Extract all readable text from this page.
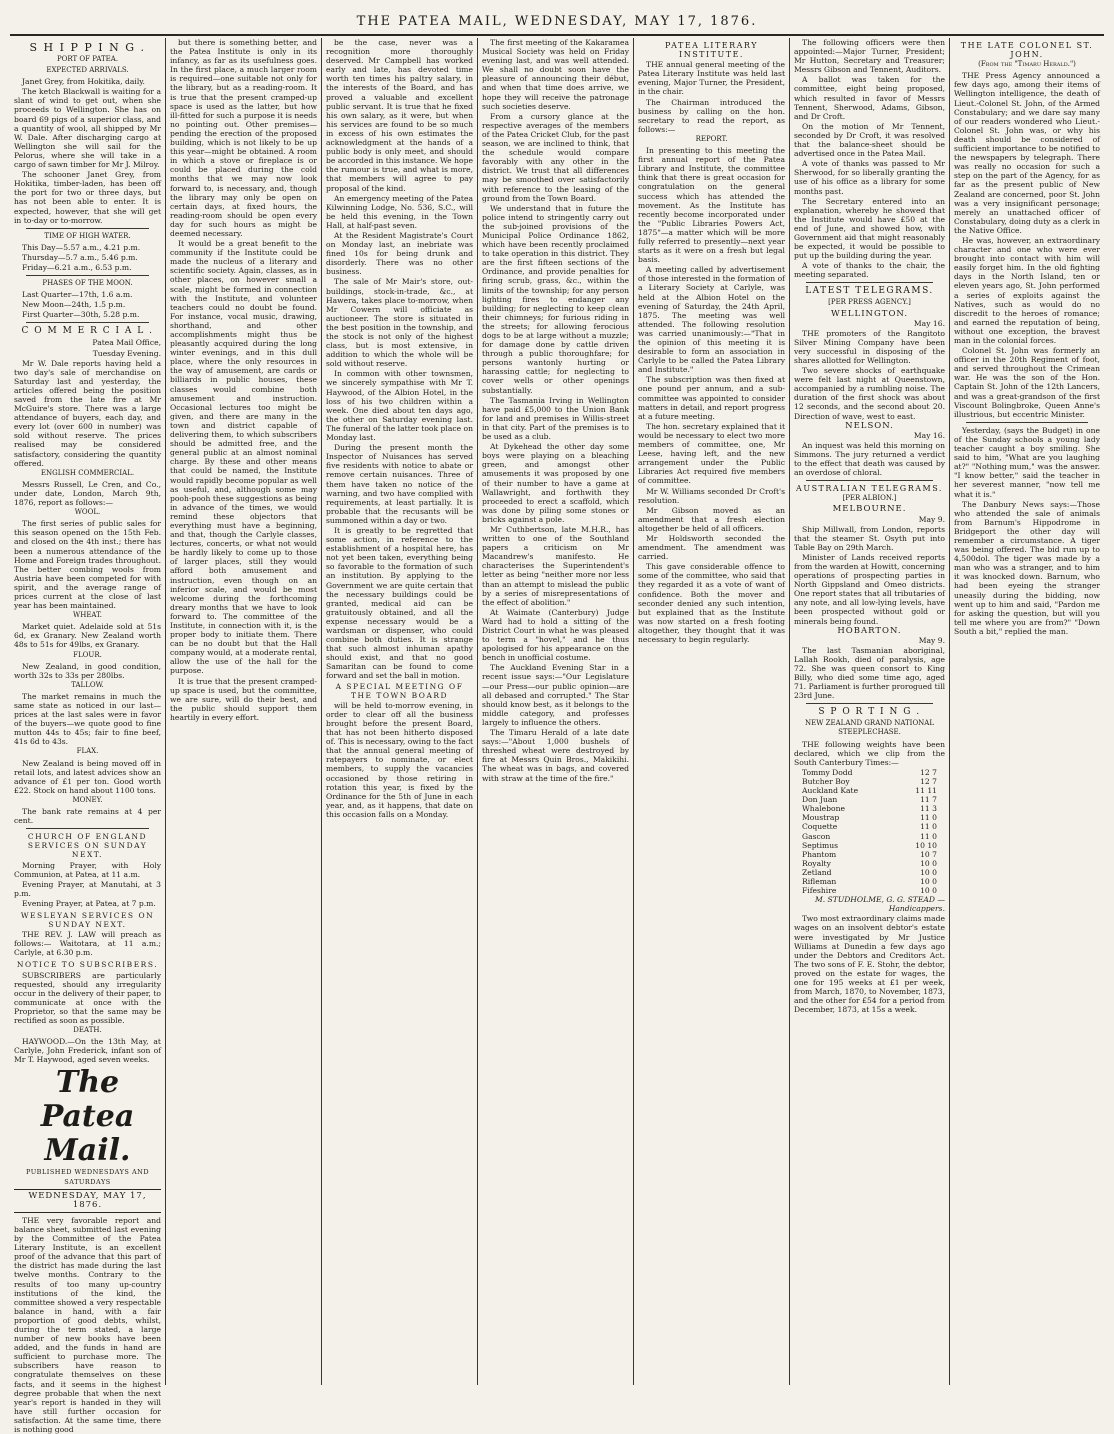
THE PATEA MAIL, WEDNESDAY, MAY 17, 1876.
S H I P P I N G .
PORT OF PATEA.
EXPECTED ARRIVALS.

Janet Grey, from Hokitika, daily.

The ketch Blackwall is waiting for a slant of wind to get out, when she proceeds to Wellington. She has on board 69 pigs of a superior class, and a quantity of wool, all shipped by Mr W. Dale. After discharging cargo at Wellington she will sail for the Pelorus, where she will take in a cargo of sawn timber for Mr J. Milroy.

The schooner Janet Grey, from Hokitika, timber-laden, has been off the port for two or three days, but has not been able to enter. It is expected, however, that she will get in to-day or to-morrow.

TIME OF HIGH WATER.

This Day—5.57 a.m., 4.21 p.m.

Thursday—5.7 a.m., 5.46 p.m.

Friday—6.21 a.m., 6.53 p.m.

PHASES OF THE MOON.

Last Quarter—17th, 1.6 a.m.

New Moon—24th, 1.5 p.m.

First Quarter—30th, 5.28 p.m.

C O M M E R C I A L .

Patea Mail Office,

Tuesday Evening.

Mr W. Dale reports having held a two day's sale of merchandise on Saturday last and yesterday, the articles offered being the position saved from the late fire at Mr McGuire's store. There was a large attendance of buyers, each day, and every lot (over 600 in number) was sold without reserve. The prices realised may be considered satisfactory, considering the quantity offered.

ENGLISH COMMERCIAL.

Messrs Russell, Le Cren, and Co., under date, London, March 9th, 1876, report as follows:—

WOOL.

The first series of public sales for this season opened on the 15th Feb. and closed on the 4th inst.; there has been a numerous attendance of the Home and Foreign trades throughout. The better combing wools from Austria have been competed for with spirit, and the average range of prices current at the close of last year has been maintained.

WHEAT.

Market quiet. Adelaide sold at 51s 6d, ex Granary. New Zealand worth 48s to 51s for 49lbs, ex Granary.

FLOUR.

New Zealand, in good condition, worth 32s to 33s per 280lbs.

TALLOW.

The market remains in much the same state as noticed in our last—prices at the last sales were in favor of the buyers—we quote good to fine mutton 44s to 45s; fair to fine beef, 41s 6d to 43s.

FLAX.

New Zealand is being moved off in retail lots, and latest advices show an advance of £1 per ton. Good worth £22. Stock on hand about 1100 tons.

MONEY.

The bank rate remains at 4 per cent.

CHURCH OF ENGLAND SERVICES ON SUNDAY NEXT.

Morning Prayer, with Holy Communion, at Patea, at 11 a.m.

Evening Prayer, at Manutahi, at 3 p.m.

Evening Prayer, at Patea, at 7 p.m.

WESLEYAN SERVICES ON SUNDAY NEXT.

THE REV. J. LAW will preach as follows:— Waitotara, at 11 a.m.; Carlyle, at 6.30 p.m.

NOTICE TO SUBSCRIBERS.

SUBSCRIBERS are particularly requested, should any irregularity occur in the delivery of their paper, to communicate at once with the Proprietor, so that the same may be rectified as soon as possible.

DEATH.

HAYWOOD.—On the 13th May, at Carlyle, John Frederick, infant son of Mr T. Haywood, aged seven weeks.

The Patea Mail.
PUBLISHED WEDNESDAYS AND SATURDAYS
WEDNESDAY, MAY 17, 1876.

THE very favorable report and balance sheet, submitted last evening by the Committee of the Patea Literary Institute, is an excellent proof of the advance that this part of the district has made during the last twelve months. Contrary to the results of too many up-country institutions of the kind, the committee showed a very respectable balance in hand, with a fair proportion of good debts, whilst, during the term stated, a large number of new books have been added, and the funds in hand are sufficient to purchase more. The subscribers have reason to congratulate themselves on these facts, and it seems in the highest degree probable that when the next year's report is handed in they will have still further occasion for satisfaction. At the same time, there is nothing good

but there is something better, and the Patea Institute is only in its infancy, as far as its usefulness goes. In the first place, a much larger room is required—one suitable not only for the library, but as a reading-room. It is true that the present cramped-up space is used as the latter, but how ill-fitted for such a purpose it is needs no pointing out. Other premises—pending the erection of the proposed building, which is not likely to be up this year—might be obtained. A room in which a stove or fireplace is or could be placed during the cold months that we may now look forward to, is necessary, and, though the library may only be open on certain days, at fixed hours, the reading-room should be open every day for such hours as might be deemed necessary.

It would be a great benefit to the community if the Institute could be made the nucleus of a literary and scientific society. Again, classes, as in other places, on however small a scale, might be formed in connection with the Institute, and volunteer teachers could no doubt be found. For instance, vocal music, drawing, shorthand, and other accomplishments might thus be pleasantly acquired during the long winter evenings, and in this dull place, where the only resources in the way of amusement, are cards or billiards in public houses, these classes would combine both amusement and instruction. Occasional lectures too might be given, and there are many in the town and district capable of delivering them, to which subscribers should be admitted free, and the general public at an almost nominal charge. By these and other means that could be named, the Institute would rapidly become popular as well as useful, and, although some may pooh-pooh these suggestions as being in advance of the times, we would remind these objectors that everything must have a beginning, and that, though the Carlyle classes, lectures, concerts, or what not would be hardly likely to come up to those of larger places, still they would afford both amusement and instruction, even though on an inferior scale, and would be most welcome during the forthcoming dreary months that we have to look forward to. The committee of the Institute, in connection with it, is the proper body to initiate them. There can be no doubt but that the Hall company would, at a moderate rental, allow the use of the hall for the purpose.

It is true that the present cramped-up space is used, but the committee, we are sure, will do their best, and the public should support them heartily in every effort.

be the case, never was a recognition more thoroughly deserved. Mr Campbell has worked early and late, has devoted time worth ten times his paltry salary, in the interests of the Board, and has proved a valuable and excellent public servant. It is true that he fixed his own salary, as it were, but when his services are found to be so much in excess of his own estimates the acknowledgment at the hands of a public body is only meet, and should be accorded in this instance. We hope the rumour is true, and what is more, that members will agree to pay proposal of the kind.

An emergency meeting of the Patea Kilwinning Lodge, No. 536, S.C., will be held this evening, in the Town Hall, at half-past seven.

At the Resident Magistrate's Court on Monday last, an inebriate was fined 10s for being drunk and disorderly. There was no other business.

The sale of Mr Mair's store, out-buildings, stock-in-trade, &c., at Hawera, takes place to-morrow, when Mr Cowern will officiate as auctioneer. The store is situated in the best position in the township, and the stock is not only of the highest class, but is most extensive, in addition to which the whole will be sold without reserve.

In common with other townsmen, we sincerely sympathise with Mr T. Haywood, of the Albion Hotel, in the loss of his two children within a week. One died about ten days ago, the other on Saturday evening last. The funeral of the latter took place on Monday last.

During the present month the Inspector of Nuisances has served five residents with notice to abate or remove certain nuisances. Three of them have taken no notice of the warning, and two have complied with requirements, at least partially. It is probable that the recusants will be summoned within a day or two.

It is greatly to be regretted that some action, in reference to the establishment of a hospital here, has not yet been taken, everything being so favorable to the formation of such an institution. By applying to the Government we are quite certain that the necessary buildings could be granted, medical aid can be gratuitously obtained, and all the expense necessary would be a wardsman or dispenser, who could combine both duties. It is strange that such almost inhuman apathy should exist, and that no good Samaritan can be found to come forward and set the ball in motion.

A SPECIAL MEETING OF THE TOWN BOARD

will be held to-morrow evening, in order to clear off all the business brought before the present Board, that has not been hitherto disposed of. This is necessary, owing to the fact that the annual general meeting of ratepayers to nominate, or elect members, to supply the vacancies occasioned by those retiring in rotation this year, is fixed by the Ordinance for the 5th of June in each year, and, as it happens, that date on this occasion falls on a Monday.

The first meeting of the Kakaramea Musical Society was held on Friday evening last, and was well attended. We shall no doubt soon have the pleasure of announcing their début, and when that time does arrive, we hope they will receive the patronage such societies deserve.

From a cursory glance at the respective averages of the members of the Patea Cricket Club, for the past season, we are inclined to think, that the schedule would compare favorably with any other in the district. We trust that all differences may be smoothed over satisfactorily with reference to the leasing of the ground from the Town Board.

We understand that in future the police intend to stringently carry out the sub-joined provisions of the Municipal Police Ordinance 1862, which have been recently proclaimed to take operation in this district. They are the first fifteen sections of the Ordinance, and provide penalties for firing scrub, grass, &c., within the limits of the township; for any person lighting fires to endanger any building; for neglecting to keep clean their chimneys; for furious riding in the streets; for allowing ferocious dogs to be at large without a muzzle; for damage done by cattle driven through a public thoroughfare; for persons wantonly hurting or harassing cattle; for neglecting to cover wells or other openings substantially.

The Tasmania Irving in Wellington have paid £5,000 to the Union Bank for land and premises in Willis-street in that city. Part of the premises is to be used as a club.

At Dykehead the other day some boys were playing on a bleaching green, and amongst other amusements it was proposed by one of their number to have a game at Wallawright, and forthwith they proceeded to erect a scaffold, which was done by piling some stones or bricks against a pole.

Mr Cuthbertson, late M.H.R., has written to one of the Southland papers a criticism on Mr Macandrew's manifesto. He characterises the Superintendent's letter as being "neither more nor less than an attempt to mislead the public by a series of misrepresentations of the effect of abolition."

At Waimate (Canterbury) Judge Ward had to hold a sitting of the District Court in what he was pleased to term a "hovel," and he thus apologised for his appearance on the bench in unofficial costume.

The Auckland Evening Star in a recent issue says:—"Our Legislature—our Press—our public opinion—are all debased and corrupted." The Star should know best, as it belongs to the middle category, and professes largely to influence the others.

The Timaru Herald of a late date says:—"About 1,000 bushels of threshed wheat were destroyed by fire at Messrs Quin Bros., Makikihi. The wheat was in bags, and covered with straw at the time of the fire."

PATEA LITERARY INSTITUTE.

THE annual general meeting of the Patea Literary Institute was held last evening, Major Turner, the President, in the chair.

The Chairman introduced the business by calling on the hon. secretary to read the report, as follows:—

REPORT.

In presenting to this meeting the first annual report of the Patea Library and Institute, the committee think that there is great occasion for congratulation on the general success which has attended the movement. As the Institute has recently become incorporated under the "Public Libraries Powers Act, 1875"—a matter which will be more fully referred to presently—next year starts as it were on a fresh but legal basis.

A meeting called by advertisement of those interested in the formation of a Literary Society at Carlyle, was held at the Albion Hotel on the evening of Saturday, the 24th April, 1875. The meeting was well attended. The following resolution was carried unanimously:—"That in the opinion of this meeting it is desirable to form an association in Carlyle to be called the Patea Library and Institute."

The subscription was then fixed at one pound per annum, and a sub-committee was appointed to consider matters in detail, and report progress at a future meeting.

The hon. secretary explained that it would be necessary to elect two more members of committee, one, Mr Leese, having left, and the new arrangement under the Public Libraries Act required five members of committee.

Mr W. Williams seconded Dr Croft's resolution.

Mr Gibson moved as an amendment that a fresh election altogether be held of all officers.

Mr Holdsworth seconded the amendment. The amendment was carried.

This gave considerable offence to some of the committee, who said that they regarded it as a vote of want of confidence. Both the mover and seconder denied any such intention, but explained that as the Institute was now started on a fresh footing altogether, they thought that it was necessary to begin regularly.

The following officers were then appointed:—Major Turner, President; Mr Hutton, Secretary and Treasurer; Messrs Gibson and Tennent, Auditors.

A ballot was taken for the committee, eight being proposed, which resulted in favor of Messrs Tennent, Sherwood, Adams, Gibson, and Dr Croft.

On the motion of Mr Tennent, seconded by Dr Croft, it was resolved that the balance-sheet should be advertised once in the Patea Mail.

A vote of thanks was passed to Mr Sherwood, for so liberally granting the use of his office as a library for some months past.

The Secretary entered into an explanation, whereby he showed that the Institute would have £50 at the end of June, and showed how, with Government aid that might reasonably be expected, it would be possible to put up the building during the year.

A vote of thanks to the chair, the meeting separated.

LATEST TELEGRAMS.
[PER PRESS AGENCY.]
WELLINGTON.

May 16.

THE promoters of the Rangitoto Silver Mining Company have been very successful in disposing of the shares allotted for Wellington.

Two severe shocks of earthquake were felt last night at Queenstown, accompanied by a rumbling noise. The duration of the first shock was about 12 seconds, and the second about 20. Direction of wave, west to east.

NELSON.

May 16.

An inquest was held this morning on Simmons. The jury returned a verdict to the effect that death was caused by an overdose of chloral.

AUSTRALIAN TELEGRAMS.
[PER ALBION.]
MELBOURNE.

May 9.

Ship Millwall, from London, reports that the steamer St. Osyth put into Table Bay on 29th March.

Minister of Lands received reports from the warden at Howitt, concerning operations of prospecting parties in North Gippsland and Omeo districts. One report states that all tributaries of any note, and all low-lying levels, have been prospected without gold or minerals being found.

HOBARTON.

May 9.

The last Tasmanian aboriginal, Lallah Rookh, died of paralysis, age 72. She was queen consort to King Billy, who died some time ago, aged 71. Parliament is further prorogued till 23rd June.

S P O R T I N G .
NEW ZEALAND GRAND NATIONAL STEEPLECHASE.

THE following weights have been declared, which we clip from the South Canterbury Times:—

Tommy Dodd	12 7
Butcher Boy	12 7
Auckland Kate	11 11
Don Juan	11 7
Whalebone	11 3
Moustrap	11 0
Coquette	11 0
Gascon	11 0
Septimus	10 10
Phantom	10 7
Royalty	10 0
Zetland	10 0
Rifleman	10 0
Fifeshire	10 0

M. STUDHOLME, G. G. STEAD — Handicappers.

Two most extraordinary claims made wages on an insolvent debtor's estate were investigated by Mr Justice Williams at Dunedin a few days ago under the Debtors and Creditors Act. The two sons of F. E. Stohr, the debtor, proved on the estate for wages, the one for 195 weeks at £1 per week, from March, 1870, to November, 1873, and the other for £54 for a period from December, 1873, at 15s a week.

THE LATE COLONEL ST. JOHN.
(From the "Timaru Herald.")

THE Press Agency announced a few days ago, among their items of Wellington intelligence, the death of Lieut.-Colonel St. John, of the Armed Constabulary; and we dare say many of our readers wondered who Lieut.-Colonel St. John was, or why his death should be considered of sufficient importance to be notified to the newspapers by telegraph. There was really no occasion for such a step on the part of the Agency, for as far as the present public of New Zealand are concerned, poor St. John was a very insignificant personage; merely an unattached officer of Constabulary, doing duty as a clerk in the Native Office.

He was, however, an extraordinary character and one who were ever brought into contact with him will easily forget him. In the old fighting days in the North Island, ten or eleven years ago, St. John performed a series of exploits against the Natives, such as would do no discredit to the heroes of romance; and earned the reputation of being, without one exception, the bravest man in the colonial forces.

Colonel St. John was formerly an officer in the 20th Regiment of foot, and served throughout the Crimean war. He was the son of the Hon. Captain St. John of the 12th Lancers, and was a great-grandson of the first Viscount Bolingbroke, Queen Anne's illustrious, but eccentric Minister.

Yesterday, (says the Budget) in one of the Sunday schools a young lady teacher caught a boy smiling. She said to him, "What are you laughing at?" "Nothing mum," was the answer. "I know better," said the teacher in her severest manner, "now tell me what it is."

The Danbury News says:—Those who attended the sale of animals from Barnum's Hippodrome in Bridgeport the other day will remember a circumstance. A tiger was being offered. The bid run up to 4,500dol. The tiger was made by a man who was a stranger, and to him it was knocked down. Barnum, who had been eyeing the stranger uneasily during the bidding, now went up to him and said, "Pardon me for asking the question, but will you tell me where you are from?" "Down South a bit," replied the man.
